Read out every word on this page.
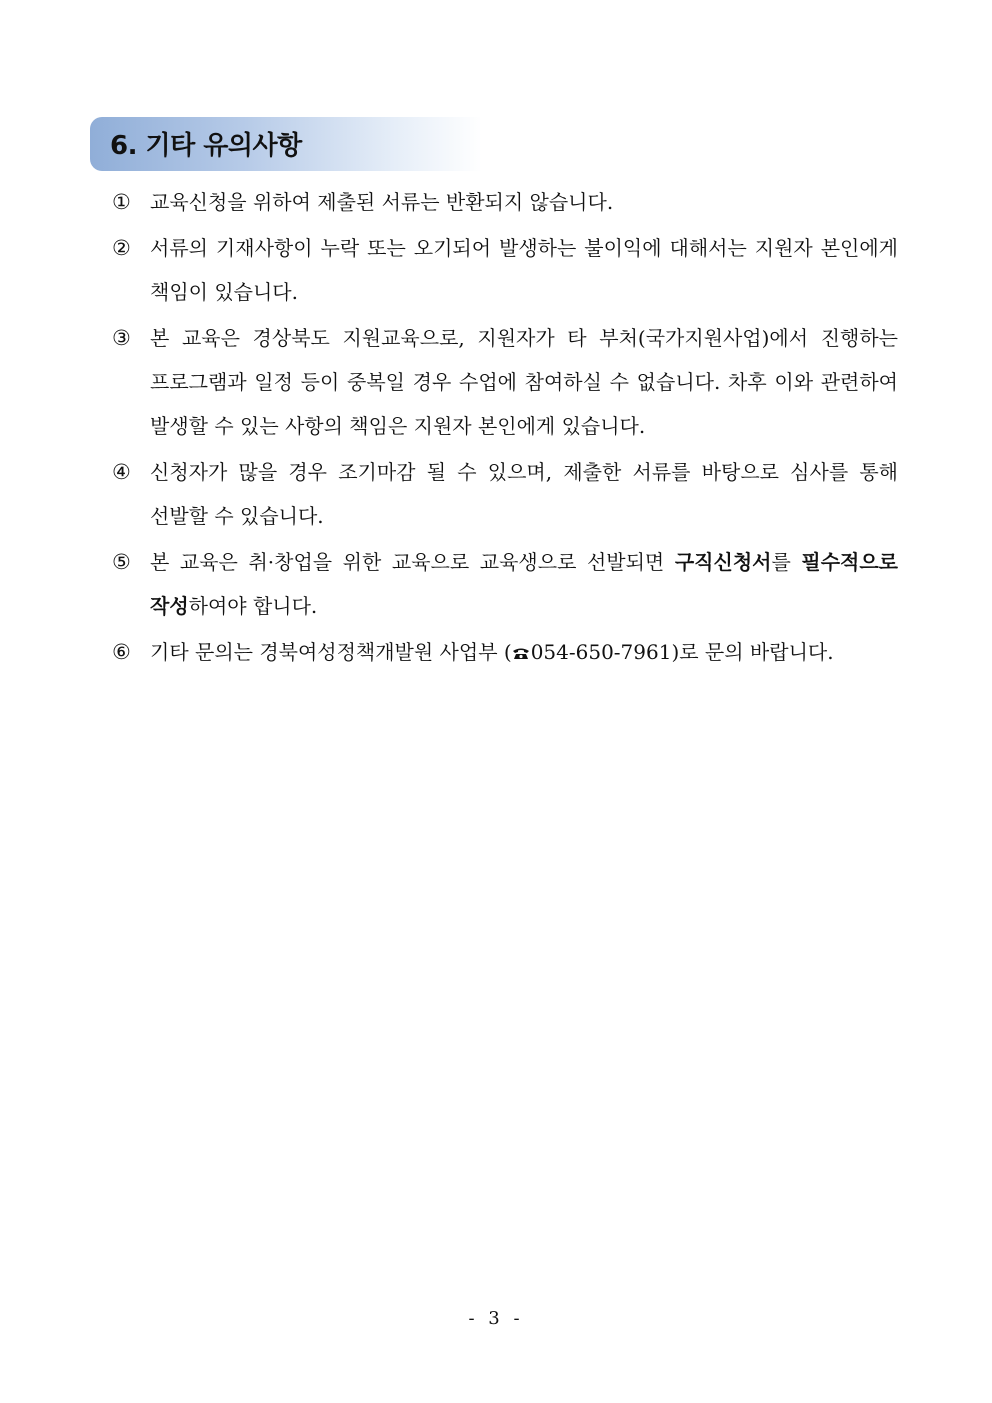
6. 기타 유의사항
① 교육신청을 위하여 제출된 서류는 반환되지 않습니다.
② 서류의 기재사항이 누락 또는 오기되어 발생하는 불이익에 대해서는 지원자 본인에게 책임이 있습니다.
③ 본 교육은 경상북도 지원교육으로, 지원자가 타 부처(국가지원사업)에서 진행하는 프로그램과 일정 등이 중복일 경우 수업에 참여하실 수 없습니다. 차후 이와 관련하여 발생할 수 있는 사항의 책임은 지원자 본인에게 있습니다.
④ 신청자가 많을 경우 조기마감 될 수 있으며, 제출한 서류를 바탕으로 심사를 통해 선발할 수 있습니다.
⑤ 본 교육은 취·창업을 위한 교육으로 교육생으로 선발되면 구직신청서를 필수적으로 작성하여야 합니다.
⑥ 기타 문의는 경북여성정책개발원 사업부 ( 054-650-7961)로 문의 바랍니다.
- 3 -
